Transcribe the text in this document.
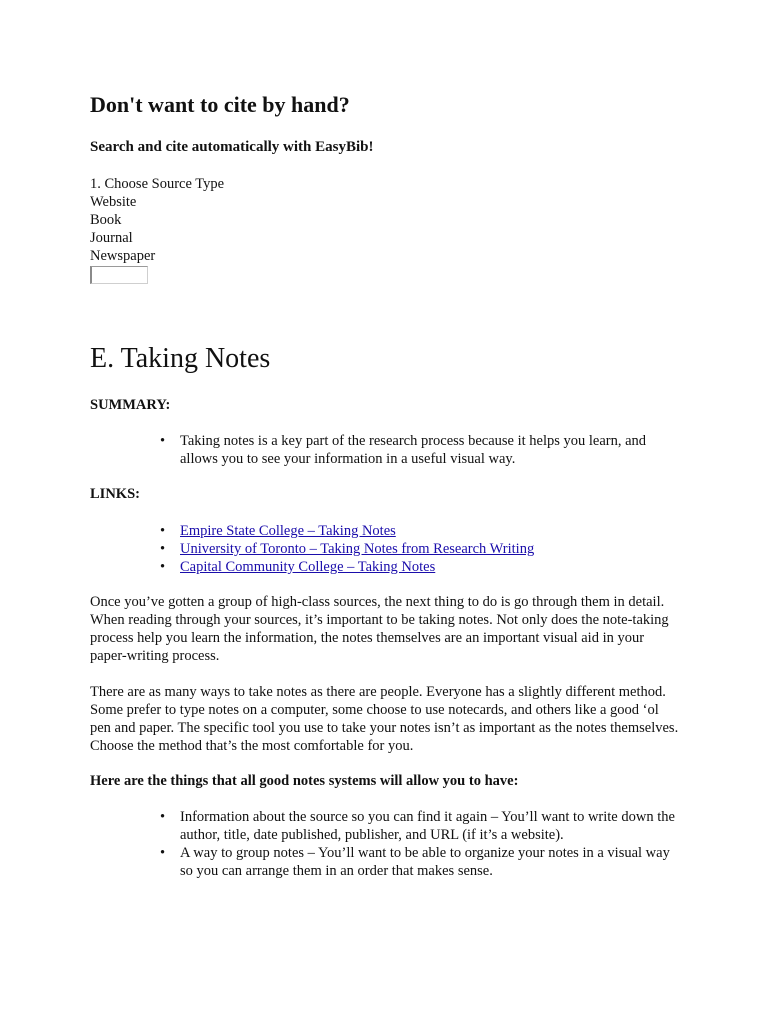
Don't want to cite by hand?
Search and cite automatically with EasyBib!
1. Choose Source Type
Website
Book
Journal
Newspaper
E. Taking Notes
SUMMARY:
• Taking notes is a key part of the research process because it helps you learn, and allows you to see your information in a useful visual way.
LINKS:
• Empire State College – Taking Notes
• University of Toronto – Taking Notes from Research Writing
• Capital Community College – Taking Notes

Once you’ve gotten a group of high-class sources, the next thing to do is go through them in detail. When reading through your sources, it’s important to be taking notes. Not only does the note-taking process help you learn the information, the notes themselves are an important visual aid in your paper-writing process.

There are as many ways to take notes as there are people. Everyone has a slightly different method. Some prefer to type notes on a computer, some choose to use notecards, and others like a good ‘ol pen and paper. The specific tool you use to take your notes isn’t as important as the notes themselves. Choose the method that’s the most comfortable for you.

Here are the things that all good notes systems will allow you to have:
• Information about the source so you can find it again – You’ll want to write down the author, title, date published, publisher, and URL (if it’s a website).
• A way to group notes – You’ll want to be able to organize your notes in a visual way so you can arrange them in an order that makes sense.
